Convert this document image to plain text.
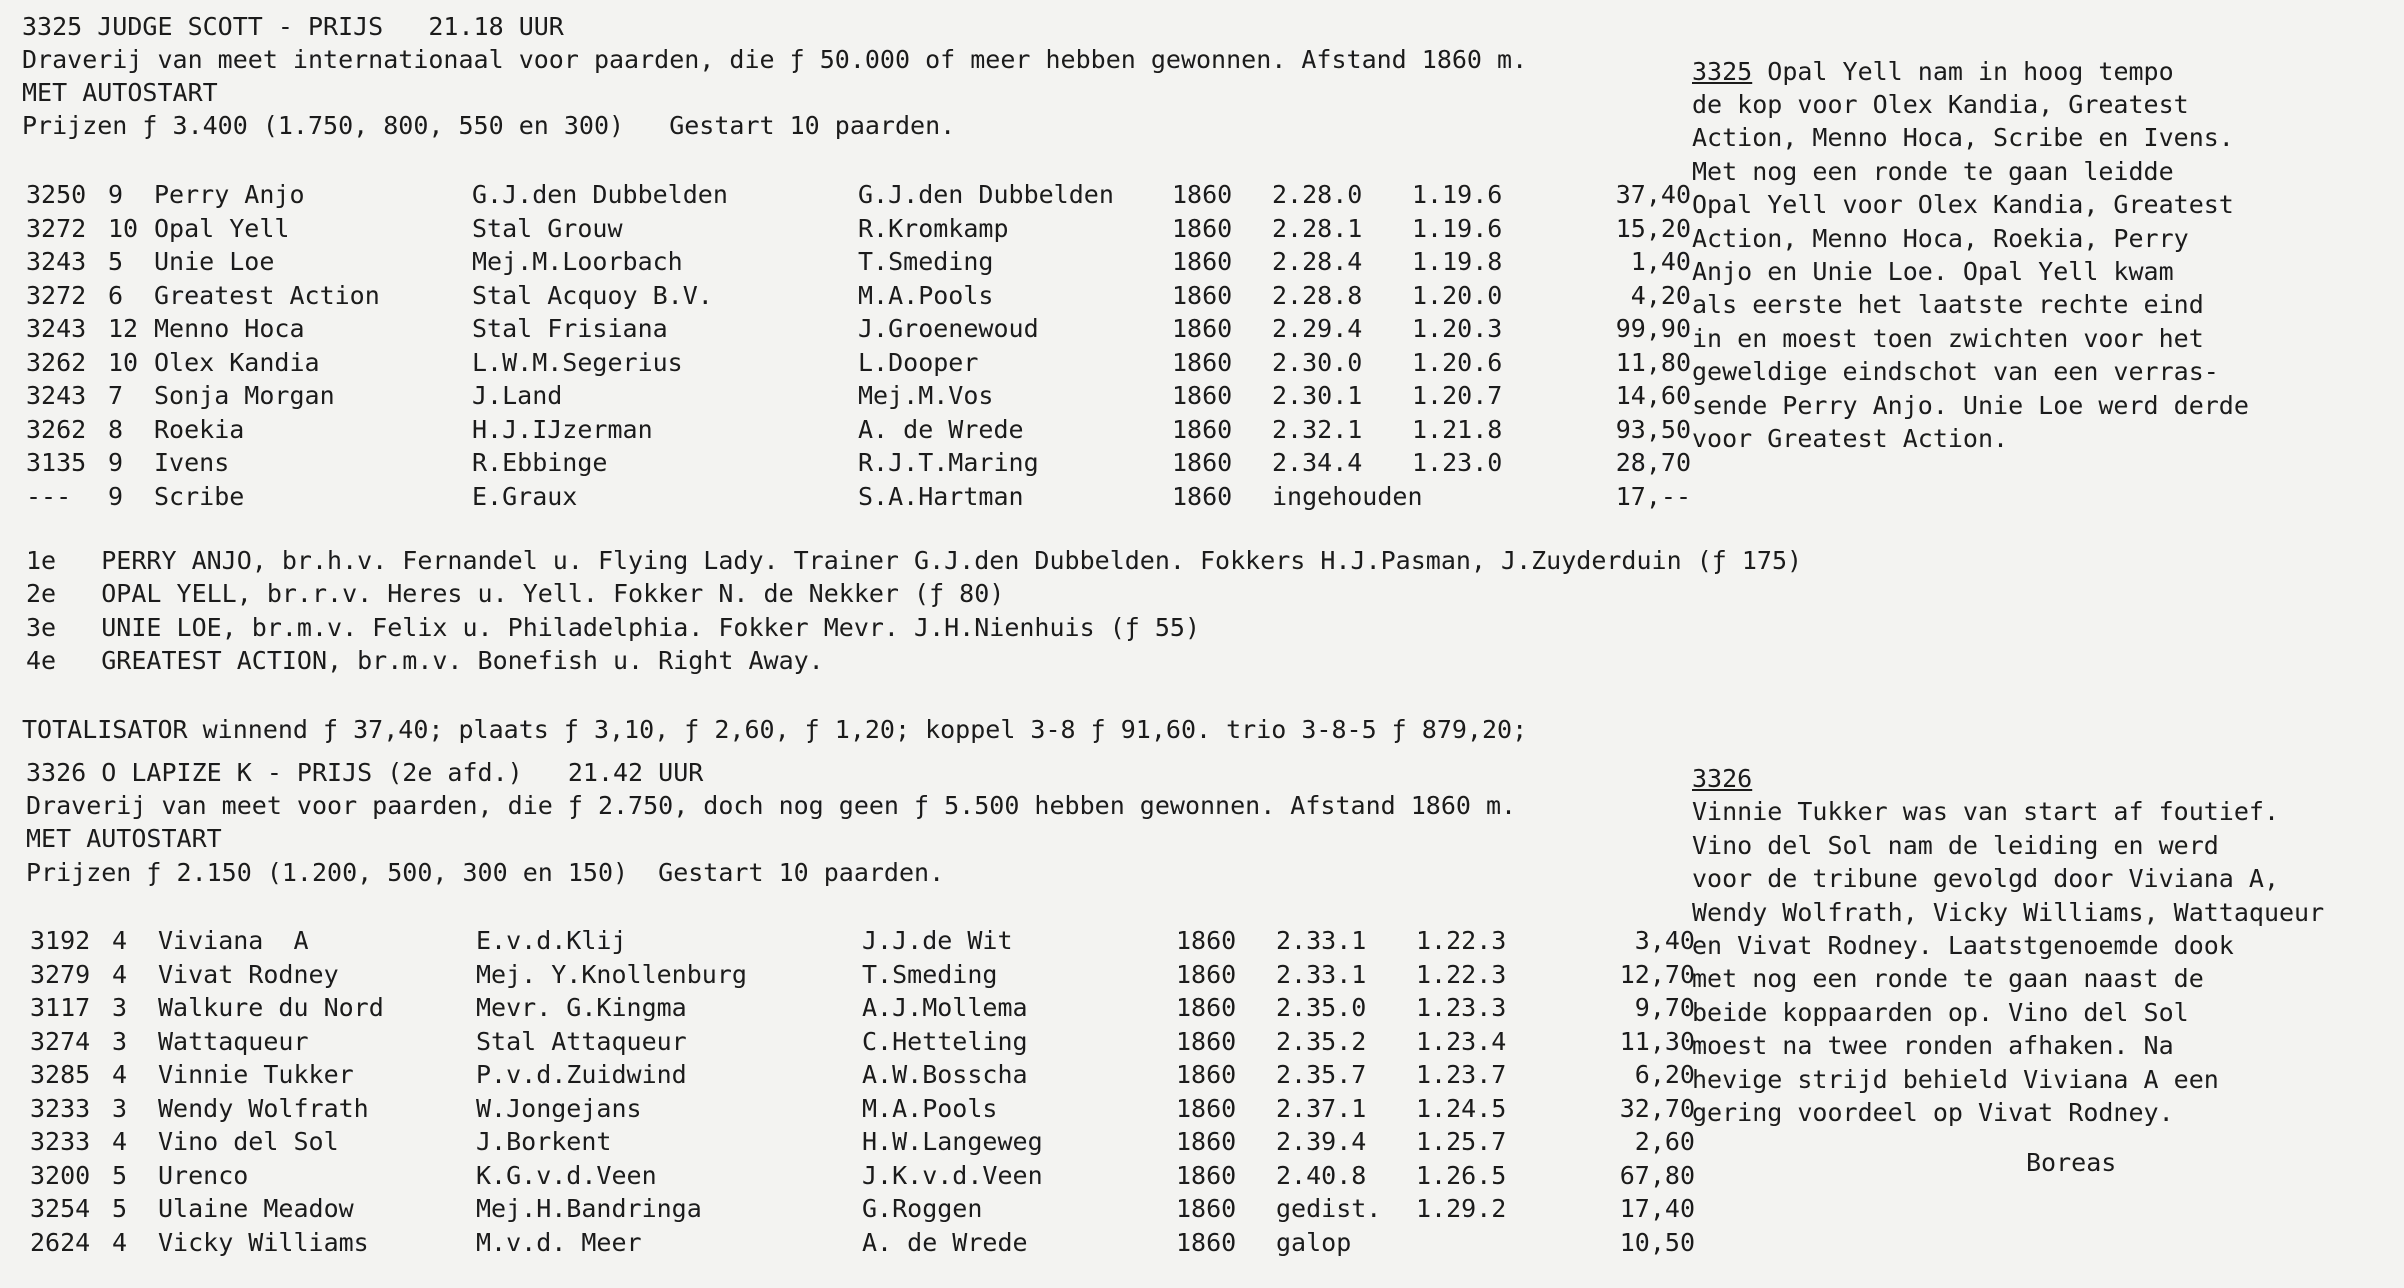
3325 JUDGE SCOTT - PRIJS   21.18 UUR
Draverij van meet internationaal voor paarden, die ƒ 50.000 of meer hebben gewonnen. Afstand 1860 m.
MET AUTOSTART
Prijzen ƒ 3.400 (1.750, 800, 550 en 300)   Gestart 10 paarden.
3250 9 Perry Anjo	G.J.den Dubbelden	G.J.den Dubbelden 1860 2.28.0 1.19.6	37,40
3272 10 Opal Yell	Stal Grouw	R.Kromkamp	1860 2.28.1 1.19.6	15,20
3243 5 Unie Loe	Mej.M.Loorbach	T.Smeding	1860 2.28.4 1.19.8	1,40
3272 6 Greatest Action	Stal Acquoy B.V.	M.A.Pools	1860 2.28.8 1.20.0	4,20
3243 12 Menno Hoca	Stal Frisiana	J.Groenewoud	1860 2.29.4 1.20.3	99,90
3262 10 Olex Kandia	L.W.M.Segerius	L.Dooper	1860 2.30.0 1.20.6	11,80
3243 7 Sonja Morgan	J.Land	Mej.M.Vos	1860 2.30.1 1.20.7	14,60
3262 8 Roekia	H.J.IJzerman	A. de Wrede	1860 2.32.1 1.21.8	93,50
3135 9 Ivens	R.Ebbinge	R.J.T.Maring	1860 2.34.4 1.23.0	28,70
--- 9 Scribe	E.Graux	S.A.Hartman	1860 ingehouden	17,--
1e   PERRY ANJO, br.h.v. Fernandel u. Flying Lady. Trainer G.J.den Dubbelden. Fokkers H.J.Pasman, J.Zuyderduin (ƒ 175)
2e   OPAL YELL, br.r.v. Heres u. Yell. Fokker N. de Nekker (ƒ 80)
3e   UNIE LOE, br.m.v. Felix u. Philadelphia. Fokker Mevr. J.H.Nienhuis (ƒ 55)
4e   GREATEST ACTION, br.m.v. Bonefish u. Right Away.
TOTALISATOR winnend ƒ 37,40; plaats ƒ 3,10, ƒ 2,60, ƒ 1,20; koppel 3-8 ƒ 91,60. trio 3-8-5 ƒ 879,20;
3325 Opal Yell nam in hoog tempo
de kop voor Olex Kandia, Greatest
Action, Menno Hoca, Scribe en Ivens.
Met nog een ronde te gaan leidde
Opal Yell voor Olex Kandia, Greatest
Action, Menno Hoca, Roekia, Perry
Anjo en Unie Loe. Opal Yell kwam
als eerste het laatste rechte eind
in en moest toen zwichten voor het
geweldige eindschot van een verras-
sende Perry Anjo. Unie Loe werd derde
voor Greatest Action.
3326 O LAPIZE K - PRIJS (2e afd.)   21.42 UUR
Draverij van meet voor paarden, die ƒ 2.750, doch nog geen ƒ 5.500 hebben gewonnen. Afstand 1860 m.
MET AUTOSTART
Prijzen ƒ 2.150 (1.200, 500, 300 en 150)  Gestart 10 paarden.
3192 4 Viviana  A	E.v.d.Klij	J.J.de Wit	1860 2.33.1 1.22.3	3,40
3279 4 Vivat Rodney	Mej. Y.Knollenburg	T.Smeding	1860 2.33.1 1.22.3	12,70
3117 3 Walkure du Nord	Mevr. G.Kingma	A.J.Mollema	1860 2.35.0 1.23.3	9,70
3274 3 Wattaqueur	Stal Attaqueur	C.Hetteling	1860 2.35.2 1.23.4	11,30
3285 4 Vinnie Tukker	P.v.d.Zuidwind	A.W.Bosscha	1860 2.35.7 1.23.7	6,20
3233 3 Wendy Wolfrath	W.Jongejans	M.A.Pools	1860 2.37.1 1.24.5	32,70
3233 4 Vino del Sol	J.Borkent	H.W.Langeweg	1860 2.39.4 1.25.7	2,60
3200 5 Urenco	K.G.v.d.Veen	J.K.v.d.Veen	1860 2.40.8 1.26.5	67,80
3254 5 Ulaine Meadow	Mej.H.Bandringa	G.Roggen	1860 gedist. 1.29.2	17,40
2624 4 Vicky Williams	M.v.d. Meer	A. de Wrede	1860 galop	10,50
3326
Vinnie Tukker was van start af foutief.
Vino del Sol nam de leiding en werd
voor de tribune gevolgd door Viviana A,
Wendy Wolfrath, Vicky Williams, Wattaqueur
en Vivat Rodney. Laatstgenoemde dook
met nog een ronde te gaan naast de
beide koppaarden op. Vino del Sol
moest na twee ronden afhaken. Na
hevige strijd behield Viviana A een
gering voordeel op Vivat Rodney.
Boreas
